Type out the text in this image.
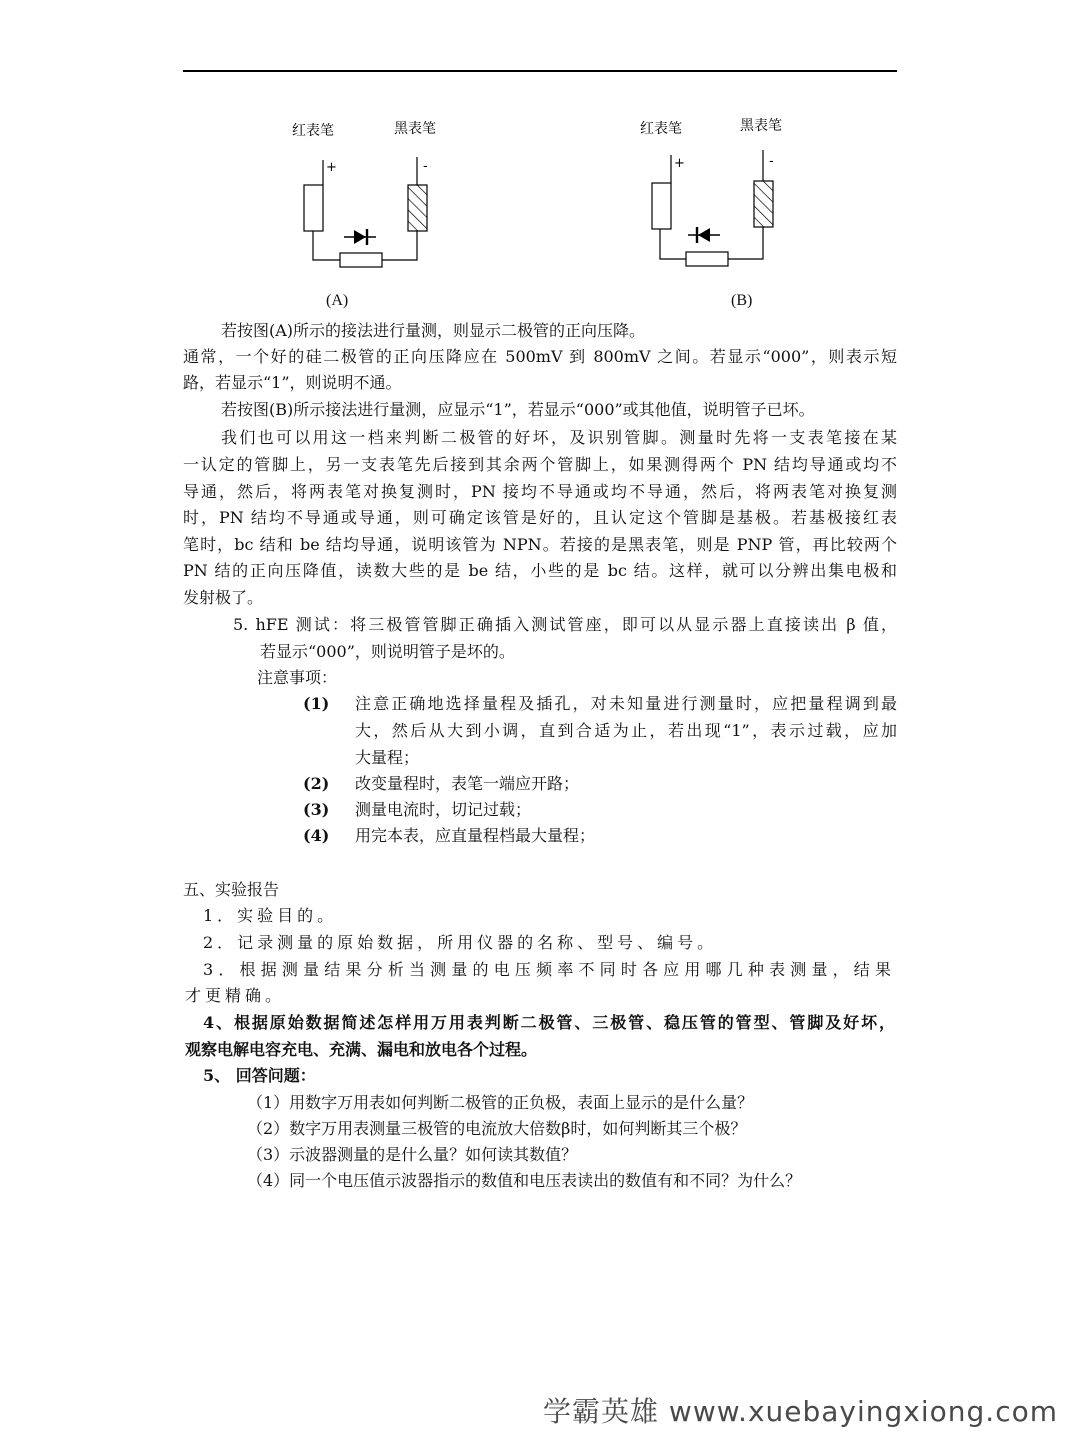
红表笔	黑表笔
+	-
(A)
红表笔	黑表笔
+	-
(B)
若按图(A)所示的接法进行量测，则显示二极管的正向压降。
通常，一个好的硅二极管的正向压降应在 500mV 到 800mV 之间。若显示“000”，则表示短
路，若显示“1”，则说明不通。
若按图(B)所示接法进行量测，应显示“1”，若显示“000”或其他值，说明管子已坏。
我们也可以用这一档来判断二极管的好坏，及识别管脚。测量时先将一支表笔接在某
一认定的管脚上，另一支表笔先后接到其余两个管脚上，如果测得两个 PN 结均导通或均不
导通，然后，将两表笔对换复测时，PN 接均不导通或均不导通，然后，将两表笔对换复测
时，PN 结均不导通或导通，则可确定该管是好的，且认定这个管脚是基极。若基极接红表
笔时，bc 结和 be 结均导通，说明该管为 NPN。若接的是黑表笔，则是 PNP 管，再比较两个
PN 结的正向压降值，读数大些的是 be 结，小些的是 bc 结。这样，就可以分辨出集电极和
发射极了。
5. hFE 测试：将三极管管脚正确插入测试管座，即可以从显示器上直接读出 β 值，
若显示“000”，则说明管子是坏的。
注意事项：
(1) 注意正确地选择量程及插孔，对未知量进行测量时，应把量程调到最
大，然后从大到小调，直到合适为止，若出现“1”，表示过载，应加
大量程；
(2) 改变量程时，表笔一端应开路；
(3) 测量电流时，切记过载；
(4) 用完本表，应直量程档最大量程；
五、实验报告
1．实验目的。
2．记录测量的原始数据，所用仪器的名称、型号、编号。
3．根据测量结果分析当测量的电压频率不同时各应用哪几种表测量，结果
才更精确。
4、根据原始数据简述怎样用万用表判断二极管、三极管、稳压管的管型、管脚及好坏，
观察电解电容充电、充满、漏电和放电各个过程。
5、 回答问题：
（1）用数字万用表如何判断二极管的正负极，表面上显示的是什么量？
（2）数字万用表测量三极管的电流放大倍数β时，如何判断其三个极？
（3）示波器测量的是什么量？如何读其数值？
（4）同一个电压值示波器指示的数值和电压表读出的数值有和不同？为什么？
学霸英雄 www.xuebayingxiong.com
